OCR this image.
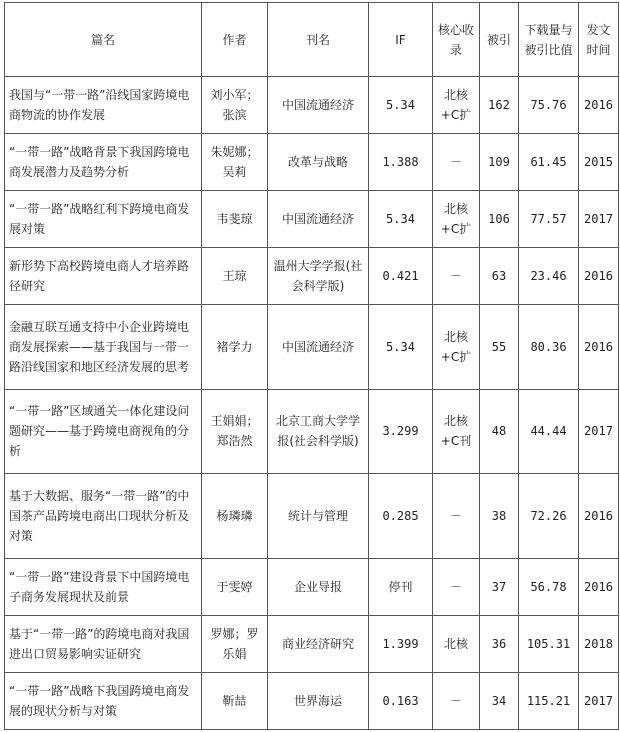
篇名	作者	刊名	IF	核心收录	被引	下载量与被引比值	发文时间
我国与“一带一路”沿线国家跨境电商物流的协作发展	刘小军；张滨	中国流通经济	5.34	北核+C扩	162	75.76	2016
“一带一路”战略背景下我国跨境电商发展潜力及趋势分析	朱妮娜；吴莉	改革与战略	1.388	－	109	61.45	2015
“一带一路”战略红利下跨境电商发展对策	韦斐琼	中国流通经济	5.34	北核+C扩	106	77.57	2017
新形势下高校跨境电商人才培养路径研究	王琼	温州大学学报(社会科学版)	0.421	－	63	23.46	2016
金融互联互通支持中小企业跨境电商发展探索——基于我国与一带一路沿线国家和地区经济发展的思考	褚学力	中国流通经济	5.34	北核+C扩	55	80.36	2016
“一带一路”区域通关一体化建设问题研究——基于跨境电商视角的分析	王娟娟；郑浩然	北京工商大学学报(社会科学版)	3.299	北核+C刊	48	44.44	2017
基于大数据、服务“一带一路”的中国茶产品跨境电商出口现状分析及对策	杨璘璘	统计与管理	0.285	－	38	72.26	2016
“一带一路”建设背景下中国跨境电子商务发展现状及前景	于雯婷	企业导报	停刊	－	37	56.78	2016
基于“一带一路”的跨境电商对我国进出口贸易影响实证研究	罗娜；罗乐娟	商业经济研究	1.399	北核	36	105.31	2018
“一带一路”战略下我国跨境电商发展的现状分析与对策	靳喆	世界海运	0.163	－	34	115.21	2017
